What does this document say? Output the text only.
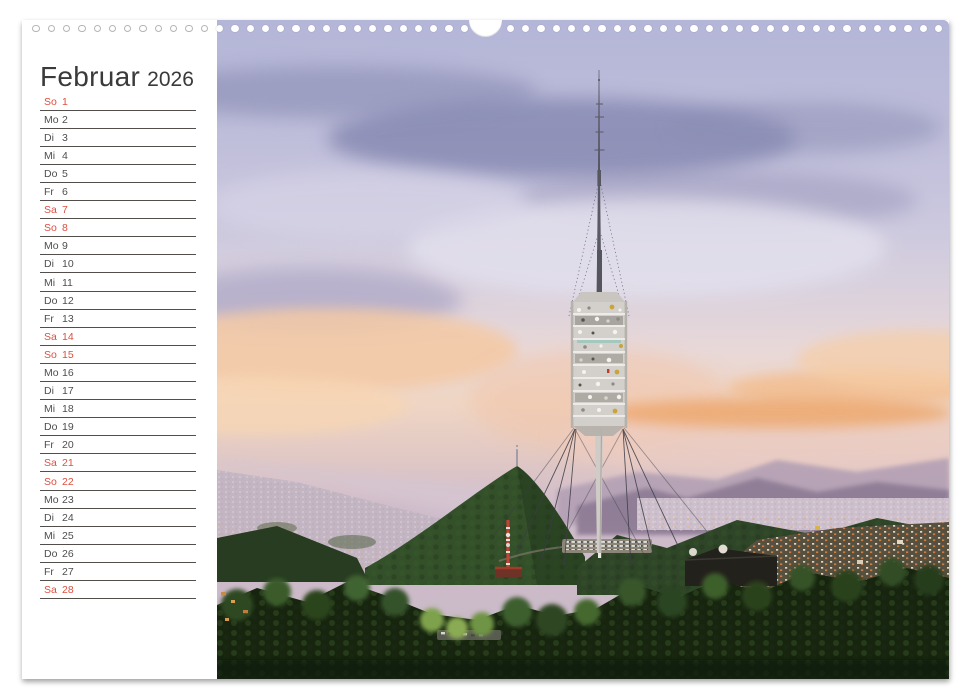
Februar 2026
So 1
Mo 2
Di 3
Mi 4
Do 5
Fr 6
Sa 7
So 8
Mo 9
Di 10
Mi 11
Do 12
Fr 13
Sa 14
So 15
Mo 16
Di 17
Mi 18
Do 19
Fr 20
Sa 21
So 22
Mo 23
Di 24
Mi 25
Do 26
Fr 27
Sa 28
